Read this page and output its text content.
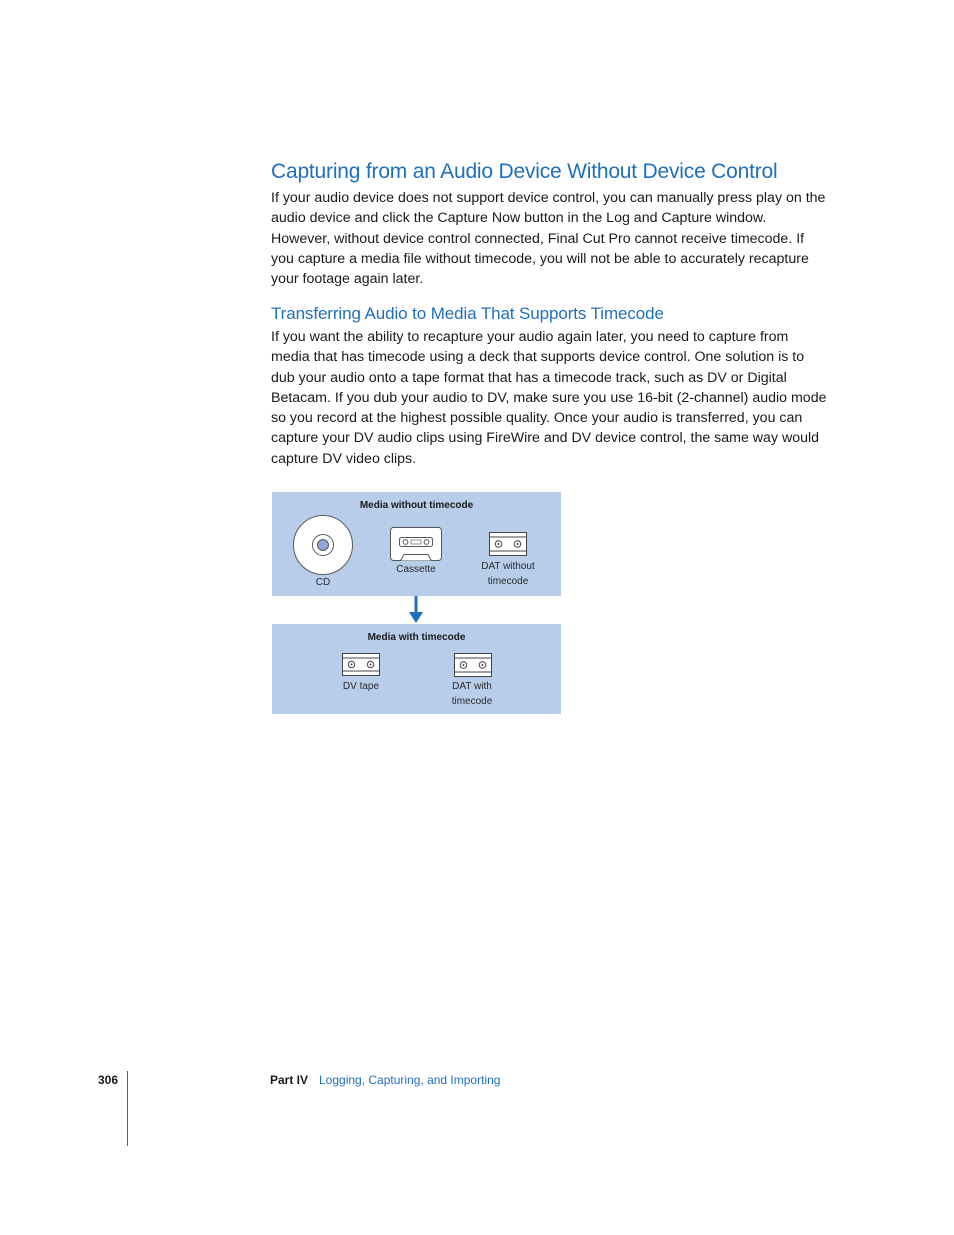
Capturing from an Audio Device Without Device Control

If your audio device does not support device control, you can manually press play on the audio device and click the Capture Now button in the Log and Capture window. However, without device control connected, Final Cut Pro cannot receive timecode. If you capture a media file without timecode, you will not be able to accurately recapture your footage again later.

Transferring Audio to Media That Supports Timecode

If you want the ability to recapture your audio again later, you need to capture from media that has timecode using a deck that supports device control. One solution is to dub your audio onto a tape format that has a timecode track, such as DV or Digital Betacam. If you dub your audio to DV, make sure you use 16-bit (2-channel) audio mode so you record at the highest possible quality. Once your audio is transferred, you can capture your DV audio clips using FireWire and DV device control, the same way would capture DV video clips.

Media without timecode
CD
Cassette	DAT without
timecode
Media with timecode
DV tape	DAT with
timecode
306	Part IV Logging, Capturing, and Importing
